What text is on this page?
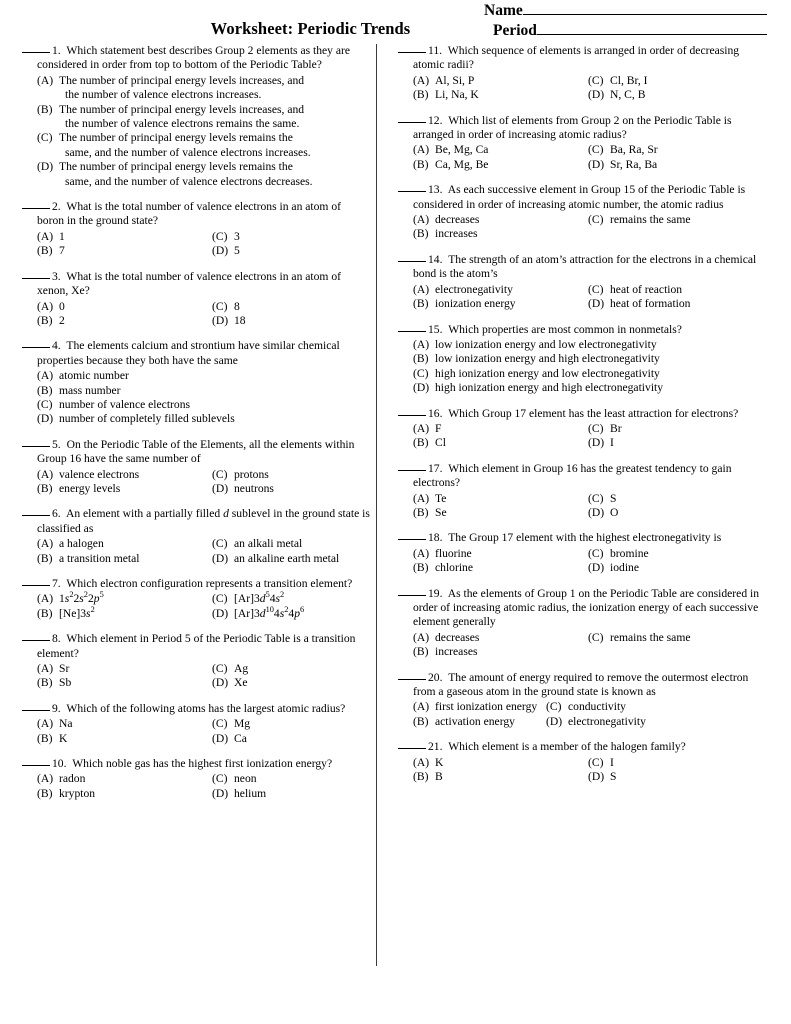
Worksheet: Periodic Trends
Name
Period
1. Which statement best describes Group 2 elements as they are considered in order from top to bottom of the Periodic Table?
(A) The number of principal energy levels increases, and
the number of valence electrons increases.
(B) The number of principal energy levels increases, and
the number of valence electrons remains the same.
(C) The number of principal energy levels remains the
same, and the number of valence electrons increases.
(D) The number of principal energy levels remains the
same, and the number of valence electrons decreases.
2. What is the total number of valence electrons in an atom of boron in the ground state?
(A) 1	(C) 3
(B) 7	(D) 5
3. What is the total number of valence electrons in an atom of xenon, Xe?
(A) 0	(C) 8
(B) 2	(D) 18
4. The elements calcium and strontium have similar chemical properties because they both have the same
(A) atomic number
(B) mass number
(C) number of valence electrons
(D) number of completely filled sublevels
5. On the Periodic Table of the Elements, all the elements within Group 16 have the same number of
(A) valence electrons	(C) protons
(B) energy levels	(D) neutrons
6. An element with a partially filled d sublevel in the ground state is classified as
(A) a halogen	(C) an alkali metal
(B) a transition metal	(D) an alkaline earth metal
7. Which electron configuration represents a transition element?
(A) $1s^22s^22p^5$	(C) $[Ar]3d^54s^2$
(B) $[Ne]3s^2$	(D) $[Ar]3d^{10}4s^24p^6$
8. Which element in Period 5 of the Periodic Table is a transition element?
(A) Sr	(C) Ag
(B) Sb	(D) Xe
9. Which of the following atoms has the largest atomic radius?
(A) Na	(C) Mg
(B) K	(D) Ca
10. Which noble gas has the highest first ionization energy?
(A) radon	(C) neon
(B) krypton	(D) helium
11. Which sequence of elements is arranged in order of decreasing atomic radii?
(A) Al, Si, P	(C) Cl, Br, I
(B) Li, Na, K	(D) N, C, B
12. Which list of elements from Group 2 on the Periodic Table is arranged in order of increasing atomic radius?
(A) Be, Mg, Ca	(C) Ba, Ra, Sr
(B) Ca, Mg, Be	(D) Sr, Ra, Ba
13. As each successive element in Group 15 of the Periodic Table is considered in order of increasing atomic number, the atomic radius
(A) decreases	(C) remains the same
(B) increases
14. The strength of an atom’s attraction for the electrons in a chemical bond is the atom’s
(A) electronegativity	(C) heat of reaction
(B) ionization energy	(D) heat of formation
15. Which properties are most common in nonmetals?
(A) low ionization energy and low electronegativity
(B) low ionization energy and high electronegativity
(C) high ionization energy and low electronegativity
(D) high ionization energy and high electronegativity
16. Which Group 17 element has the least attraction for electrons?
(A) F	(C) Br
(B) Cl	(D) I
17. Which element in Group 16 has the greatest tendency to gain electrons?
(A) Te	(C) S
(B) Se	(D) O
18. The Group 17 element with the highest electronegativity is
(A) fluorine	(C) bromine
(B) chlorine	(D) iodine
19. As the elements of Group 1 on the Periodic Table are considered in order of increasing atomic radius, the ionization energy of each successive element generally
(A) decreases	(C) remains the same
(B) increases
20. The amount of energy required to remove the outermost electron from a gaseous atom in the ground state is known as
(A) first ionization energy (C) conductivity
(B) activation energy	(D) electronegativity
21. Which element is a member of the halogen family?
(A) K	(C) I
(B) B	(D) S
